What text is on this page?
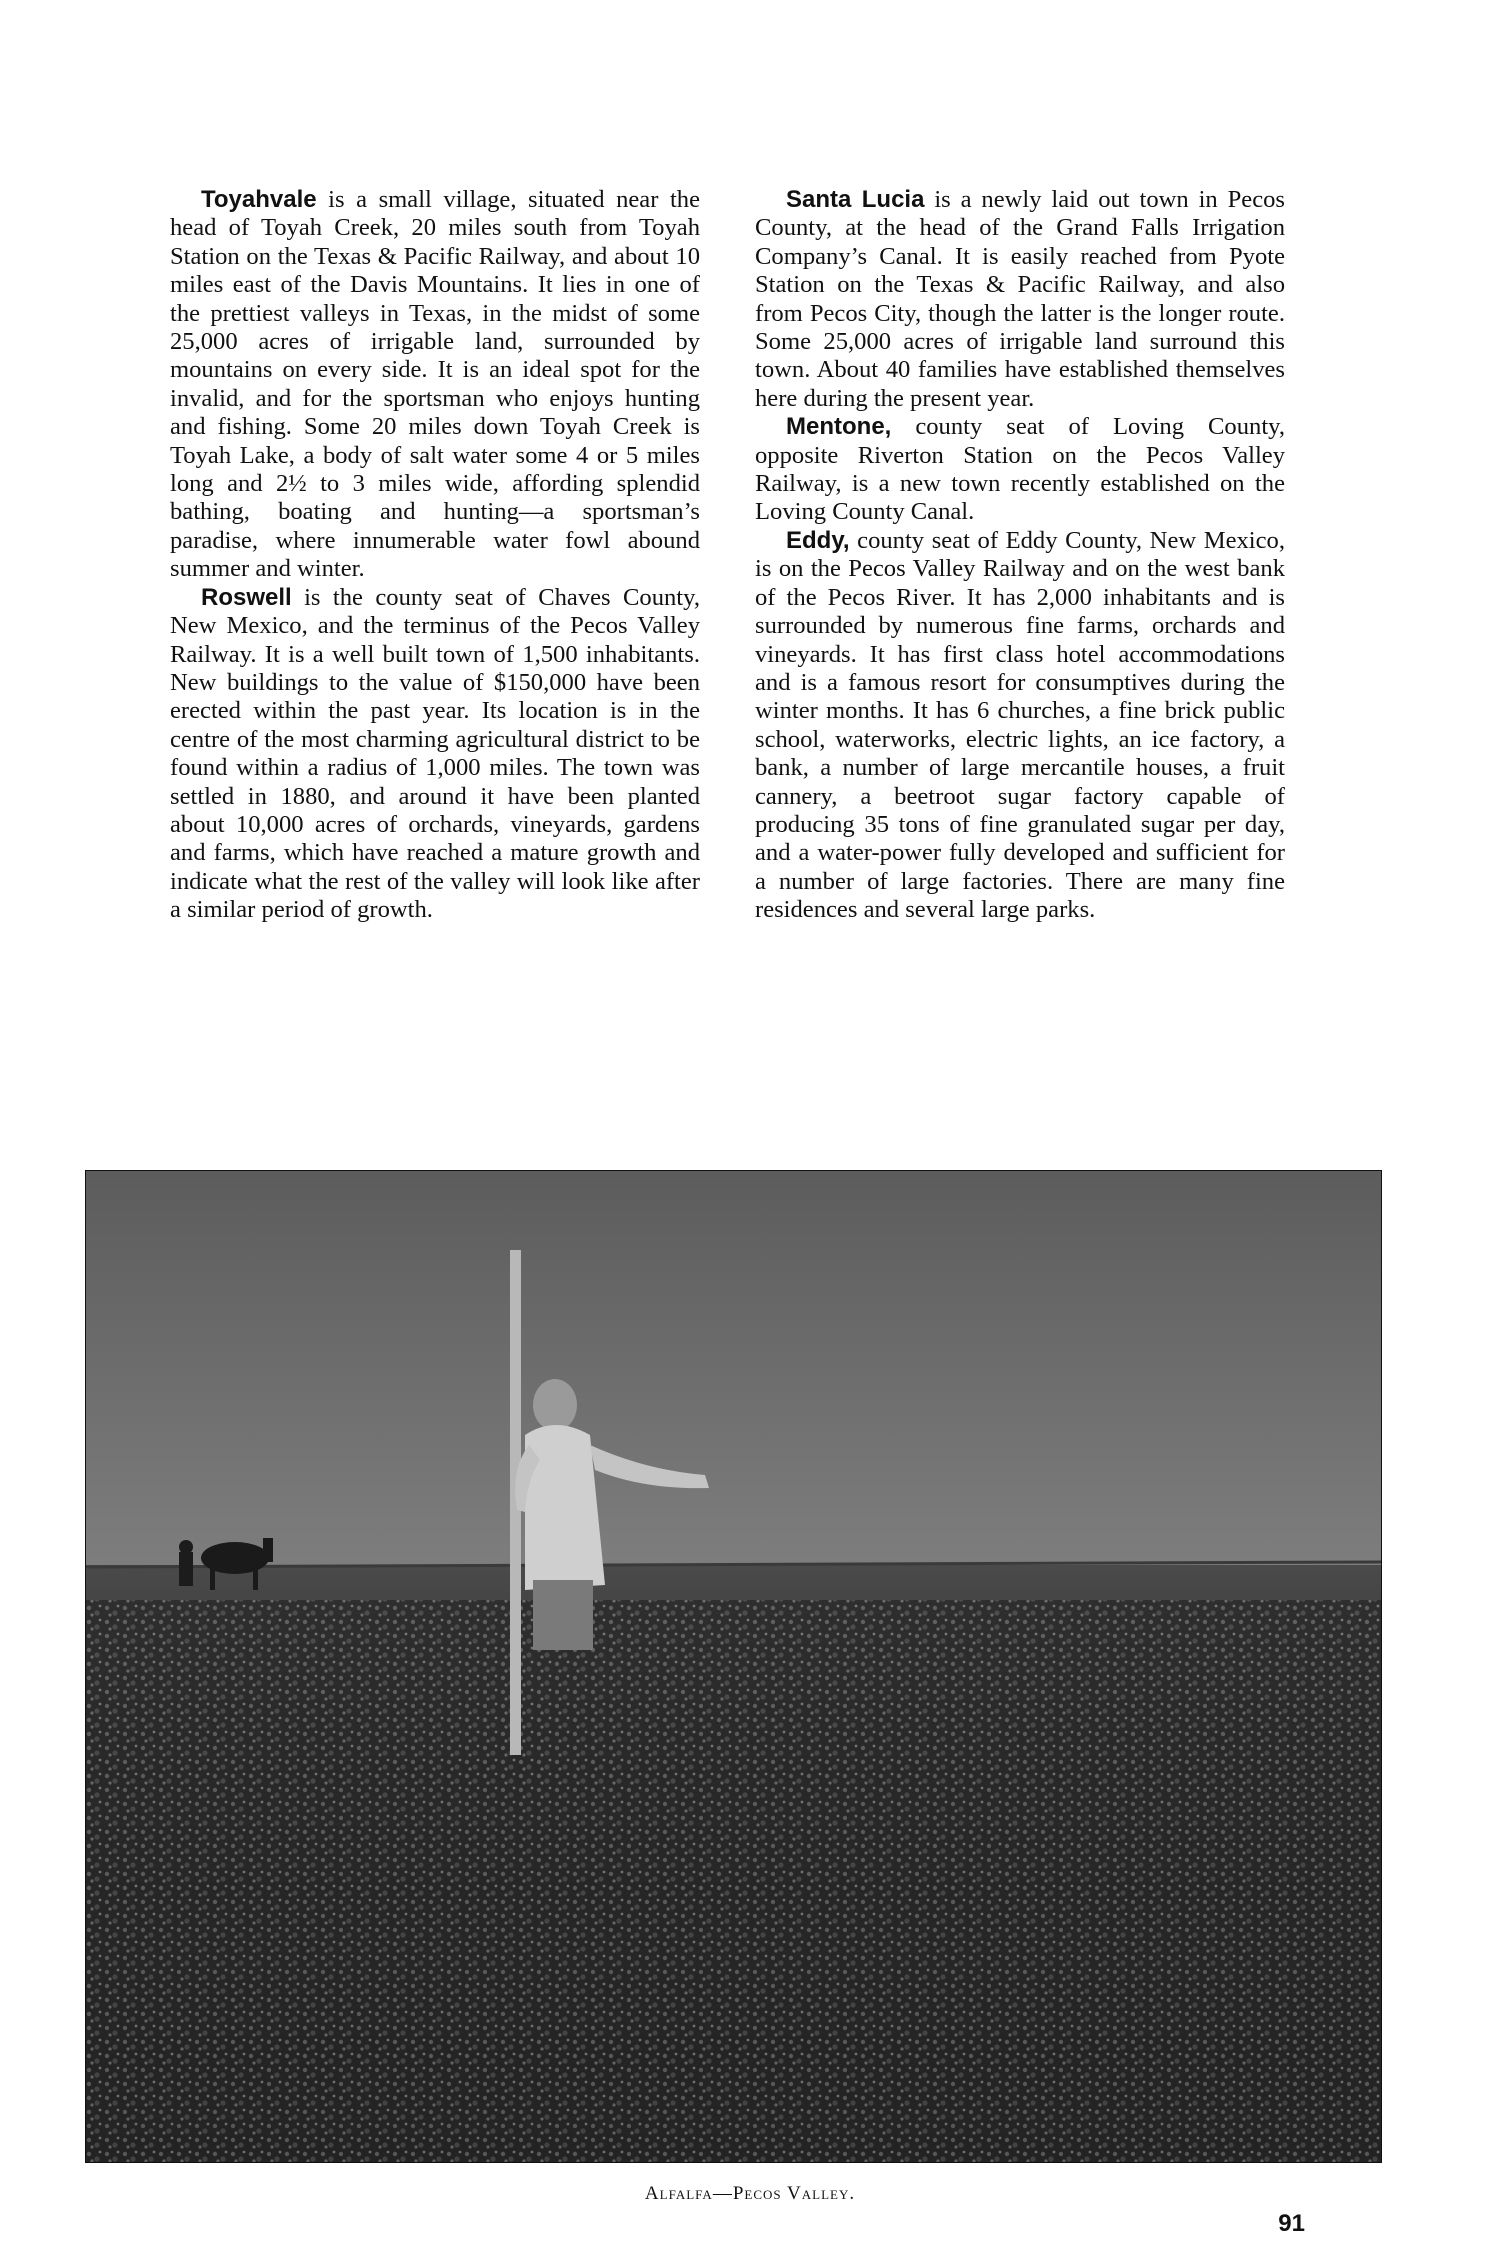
Toyahvale is a small village, situated near the head of Toyah Creek, 20 miles south from Toyah Station on the Texas & Pacific Railway, and about 10 miles east of the Davis Mountains. It lies in one of the prettiest valleys in Texas, in the midst of some 25,000 acres of irrigable land, surrounded by mountains on every side. It is an ideal spot for the invalid, and for the sportsman who enjoys hunting and fishing. Some 20 miles down Toyah Creek is Toyah Lake, a body of salt water some 4 or 5 miles long and 2½ to 3 miles wide, affording splendid bathing, boating and hunting—a sportsman’s paradise, where innumerable water fowl abound summer and winter.

Roswell is the county seat of Chaves County, New Mexico, and the terminus of the Pecos Valley Railway. It is a well built town of 1,500 inhabitants. New buildings to the value of $150,000 have been erected within the past year. Its location is in the centre of the most charming agricultural district to be found within a radius of 1,000 miles. The town was settled in 1880, and around it have been planted about 10,000 acres of orchards, vineyards, gardens and farms, which have reached a mature growth and indicate what the rest of the valley will look like after a similar period of growth.

Santa Lucia is a newly laid out town in Pecos County, at the head of the Grand Falls Irrigation Company’s Canal. It is easily reached from Pyote Station on the Texas & Pacific Railway, and also from Pecos City, though the latter is the longer route. Some 25,000 acres of irrigable land surround this town. About 40 families have established themselves here during the present year.

Mentone, county seat of Loving County, opposite Riverton Station on the Pecos Valley Railway, is a new town recently established on the Loving County Canal.

Eddy, county seat of Eddy County, New Mexico, is on the Pecos Valley Railway and on the west bank of the Pecos River. It has 2,000 inhabitants and is surrounded by numerous fine farms, orchards and vineyards. It has first class hotel accommodations and is a famous resort for consumptives during the winter months. It has 6 churches, a fine brick public school, waterworks, electric lights, an ice factory, a bank, a number of large mercantile houses, a fruit cannery, a beetroot sugar factory capable of producing 35 tons of fine granulated sugar per day, and a water-power fully developed and sufficient for a number of large factories. There are many fine residences and several large parks.

Alfalfa—Pecos Valley.
91
